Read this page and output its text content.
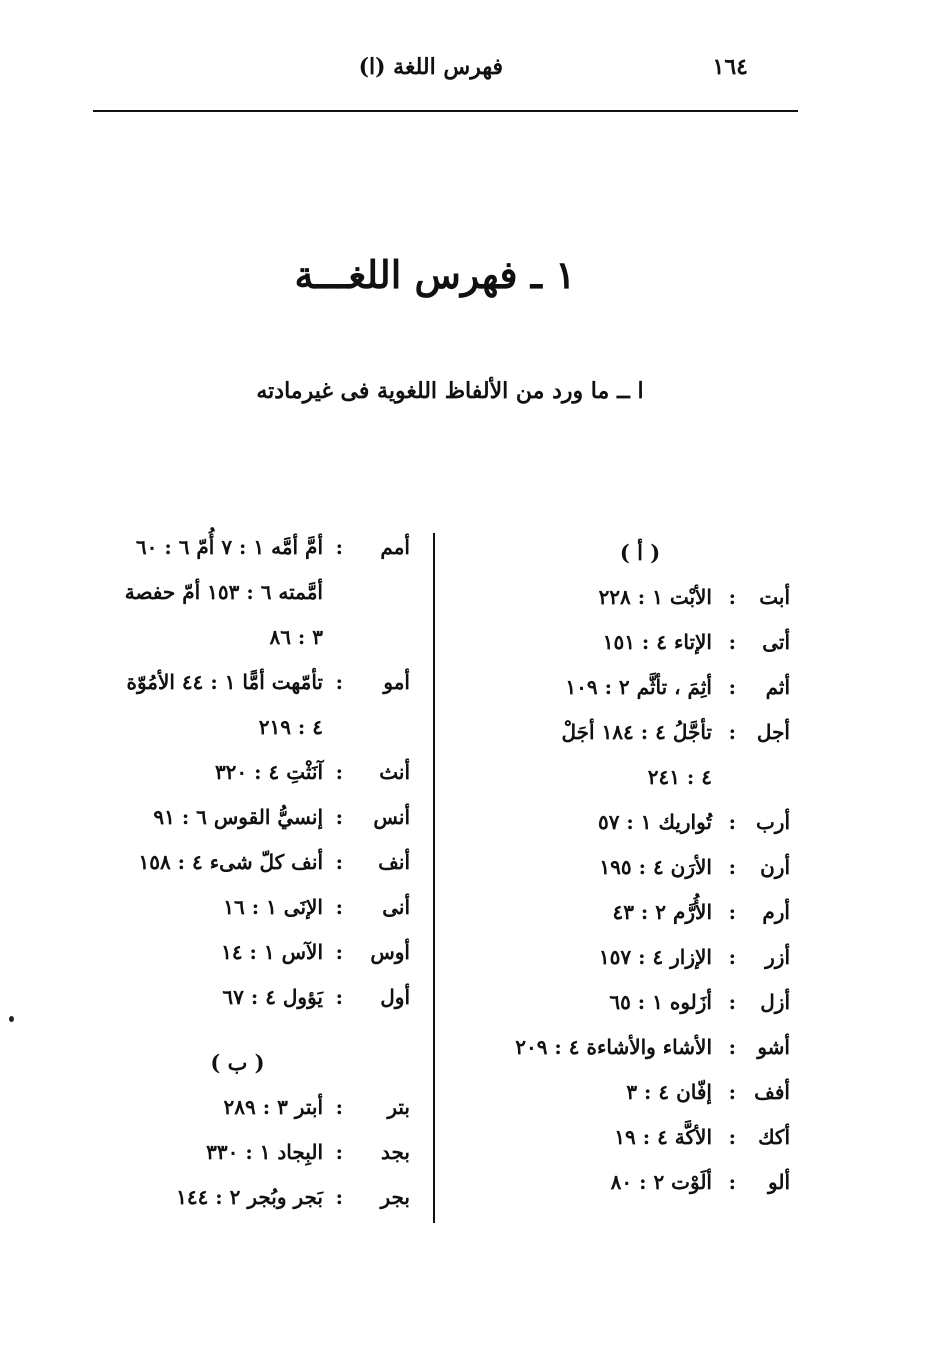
١٦٤
فهرس اللغة (ا)
١ ـ فهرس اللغـــة
ا ــ ما ورد من الألفاظ اللغوية فى غيرمادته
( أ )
أبت
:
الأبْت ١ : ٢٢٨
أتى
:
الإتاء ٤ : ١٥١
أثم
:
أثِمَ ، تأثَّم ٢ : ١٠٩
أجل
:
تأجَّلُ ٤ : ١٨٤ أجَلْ
٤ : ٢٤١
أرب
:
تُواريك ١ : ٥٧
أرن
:
الأرَن ٤ : ١٩٥
أرم
:
الأُرَّم ٢ : ٤٣
أزر
:
الإزار ٤ : ١٥٧
أزل
:
أزَلوه ١ : ٦٥
أشو
:
الأشاء والأشاءة ٤ : ٢٠٩
أفف
:
إفّان ٤ : ٣
أكك
:
الأكَّة ٤ : ١٩
ألو
:
ألَوْت ٢ : ٨٠
أمم
:
أمَّ أمَّه ١ : ٧ أُمّ ٦ : ٦٠
أمَّمته ٦ : ١٥٣ أمّ حفصة
٣ : ٨٦
أمو
:
تأمّهت أمًّا ١ : ٤٤ الأمُوّة
٤ : ٢١٩
أنث
:
آنَثْتِ ٤ : ٣٢٠
أنس
:
إنسيُّ القوس ٦ : ٩١
أنف
:
أنف كلّ شىء ٤ : ١٥٨
أنى
:
الإنَى ١ : ١٦
أوس
:
الآس ١ : ١٤
أول
:
يَؤول ٤ : ٦٧
( ب )
بتر
:
أبتر ٣ : ٢٨٩
بجد
:
البِجاد ١ : ٣٣٠
بجر
:
بَجر وبُجر ٢ : ١٤٤
